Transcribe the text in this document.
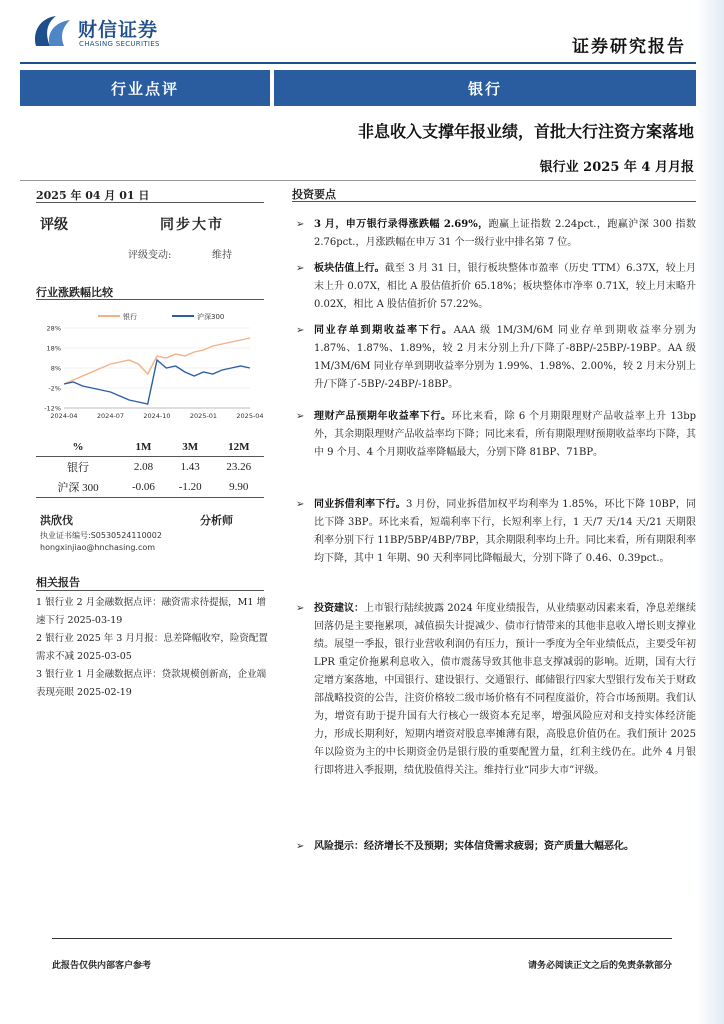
财信证券
CHASING SECURITIES	证券研究报告
行业点评	银行
非息收入支撑年报业绩，首批大行注资方案落地
银行业 2025 年 4 月月报
2025 年 04 月 01 日
评级	同步大市
评级变动:	维持
行业涨跌幅比较
28%
18%
8%
-2%
-12%
2024-04	2024-07	2024-10	2025-01	2025-04
银行	沪深300
%	1M	3M	12M
银行	2.08	1.43	23.26
沪深 300	-0.06	-1.20	9.90
洪欣伐	分析师
执业证书编号:S0530524110002
hongxinjiao@hnchasing.com
相关报告
1 银行业 2 月金融数据点评：融资需求待提振，M1 增速下行 2025-03-19
2 银行业 2025 年 3 月月报：息差降幅收窄，险资配置需求不减 2025-03-05
3 银行业 1 月金融数据点评：贷款规模创新高，企业端表现亮眼 2025-02-19
投资要点
➢ 3 月，申万银行录得涨跌幅 2.69%，跑赢上证指数 2.24pct.，跑赢沪深 300 指数 2.76pct.，月涨跌幅在申万 31 个一级行业中排名第 7 位。
➢ 板块估值上行。截至 3 月 31 日，银行板块整体市盈率（历史 TTM）6.37X，较上月末上升 0.07X，相比 A 股估值折价 65.18%；板块整体市净率 0.71X，较上月末略升 0.02X，相比 A 股估值折价 57.22%。
➢ 同业存单到期收益率下行。AAA 级 1M/3M/6M 同业存单到期收益率分别为 1.87%、1.87%、1.89%，较 2 月末分别上升/下降了-8BP/-25BP/-19BP。AA 级 1M/3M/6M 同业存单到期收益率分别为 1.99%、1.98%、2.00%，较 2 月末分别上升/下降了-5BP/-24BP/-18BP。
➢ 理财产品预期年收益率下行。环比来看，除 6 个月期限理财产品收益率上升 13bp 外，其余期限理财产品收益率均下降；同比来看，所有期限理财预期收益率均下降，其中 9 个月、4 个月期收益率降幅最大，分别下降 81BP、71BP。
➢ 同业拆借利率下行。3 月份，同业拆借加权平均利率为 1.85%，环比下降 10BP，同比下降 3BP。环比来看，短端利率下行，长短利率上行，1 天/7 天/14 天/21 天期限利率分别下行 11BP/5BP/4BP/7BP，其余期限利率均上升。同比来看，所有期限利率均下降，其中 1 年期、90 天利率同比降幅最大，分别下降了 0.46、0.39pct.。
➢ 投资建议：上市银行陆续披露 2024 年度业绩报告，从业绩驱动因素来看，净息差继续回落仍是主要拖累项，减值损失计提减少、债市行情带来的其他非息收入增长则支撑业绩。展望一季报，银行业营收利润仍有压力，预计一季度为全年业绩低点，主要受年初 LPR 重定价拖累利息收入，债市震荡导致其他非息支撑减弱的影响。近期，国有大行定增方案落地，中国银行、建设银行、交通银行、邮储银行四家大型银行发布关于财政部战略投资的公告，注资价格较二级市场价格有不同程度溢价，符合市场预期。我们认为，增资有助于提升国有大行核心一级资本充足率，增强风险应对和支持实体经济能力，形成长期利好，短期内增资对股息率摊薄有限，高股息价值仍在。我们预计 2025 年以险资为主的中长期资金仍是银行股的重要配置力量，红利主线仍在。此外 4 月银行即将进入季报期，绩优股值得关注。维持行业“同步大市”评级。
➢ 风险提示：经济增长不及预期；实体信贷需求疲弱；资产质量大幅恶化。
此报告仅供内部客户参考	请务必阅读正文之后的免责条款部分
